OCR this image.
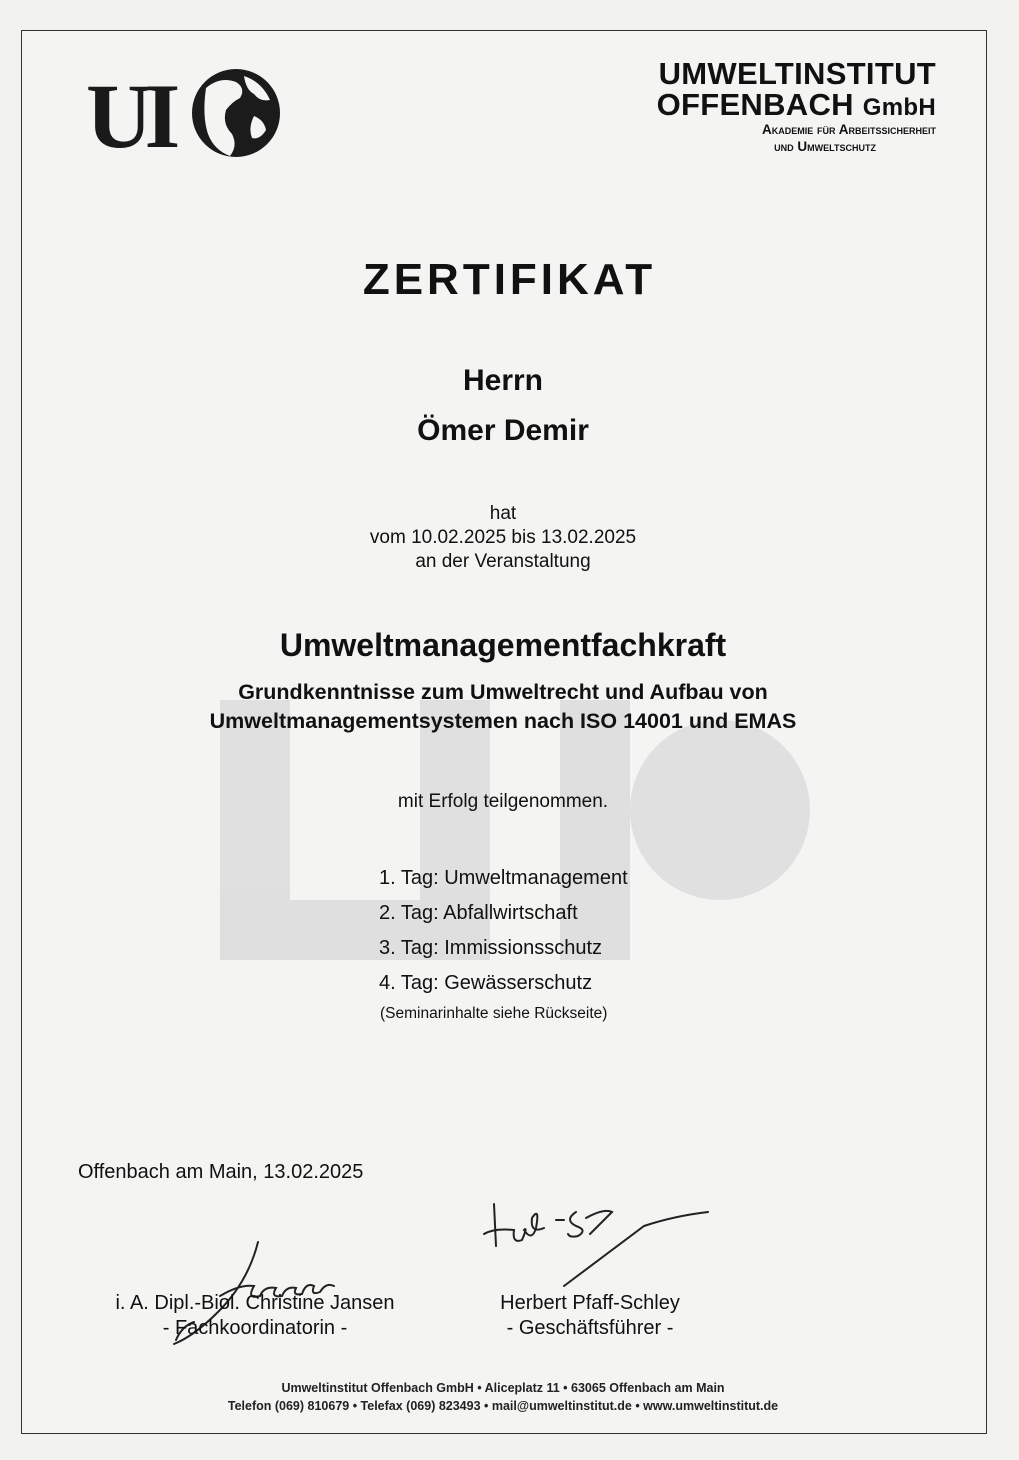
UI	UMWELTINSTITUT
OFFENBACH GmbH
Akademie für Arbeitssicherheit
und Umweltschutz
ZERTIFIKAT
Herrn
Ömer Demir
hat
vom 10.02.2025 bis 13.02.2025
an der Veranstaltung
Umweltmanagementfachkraft
Grundkenntnisse zum Umweltrecht und Aufbau von
Umweltmanagementsystemen nach ISO 14001 und EMAS
mit Erfolg teilgenommen.
1. Tag: Umweltmanagement
2. Tag: Abfallwirtschaft
3. Tag: Immissionsschutz
4. Tag: Gewässerschutz
(Seminarinhalte siehe Rückseite)
Offenbach am Main, 13.02.2025
i. A. Dipl.-Biol. Christine Jansen
- Fachkoordinatorin -
Herbert Pfaff-Schley
- Geschäftsführer -
Umweltinstitut Offenbach GmbH • Aliceplatz 11 • 63065 Offenbach am Main
Telefon (069) 810679 • Telefax (069) 823493 • mail@umweltinstitut.de • www.umweltinstitut.de
